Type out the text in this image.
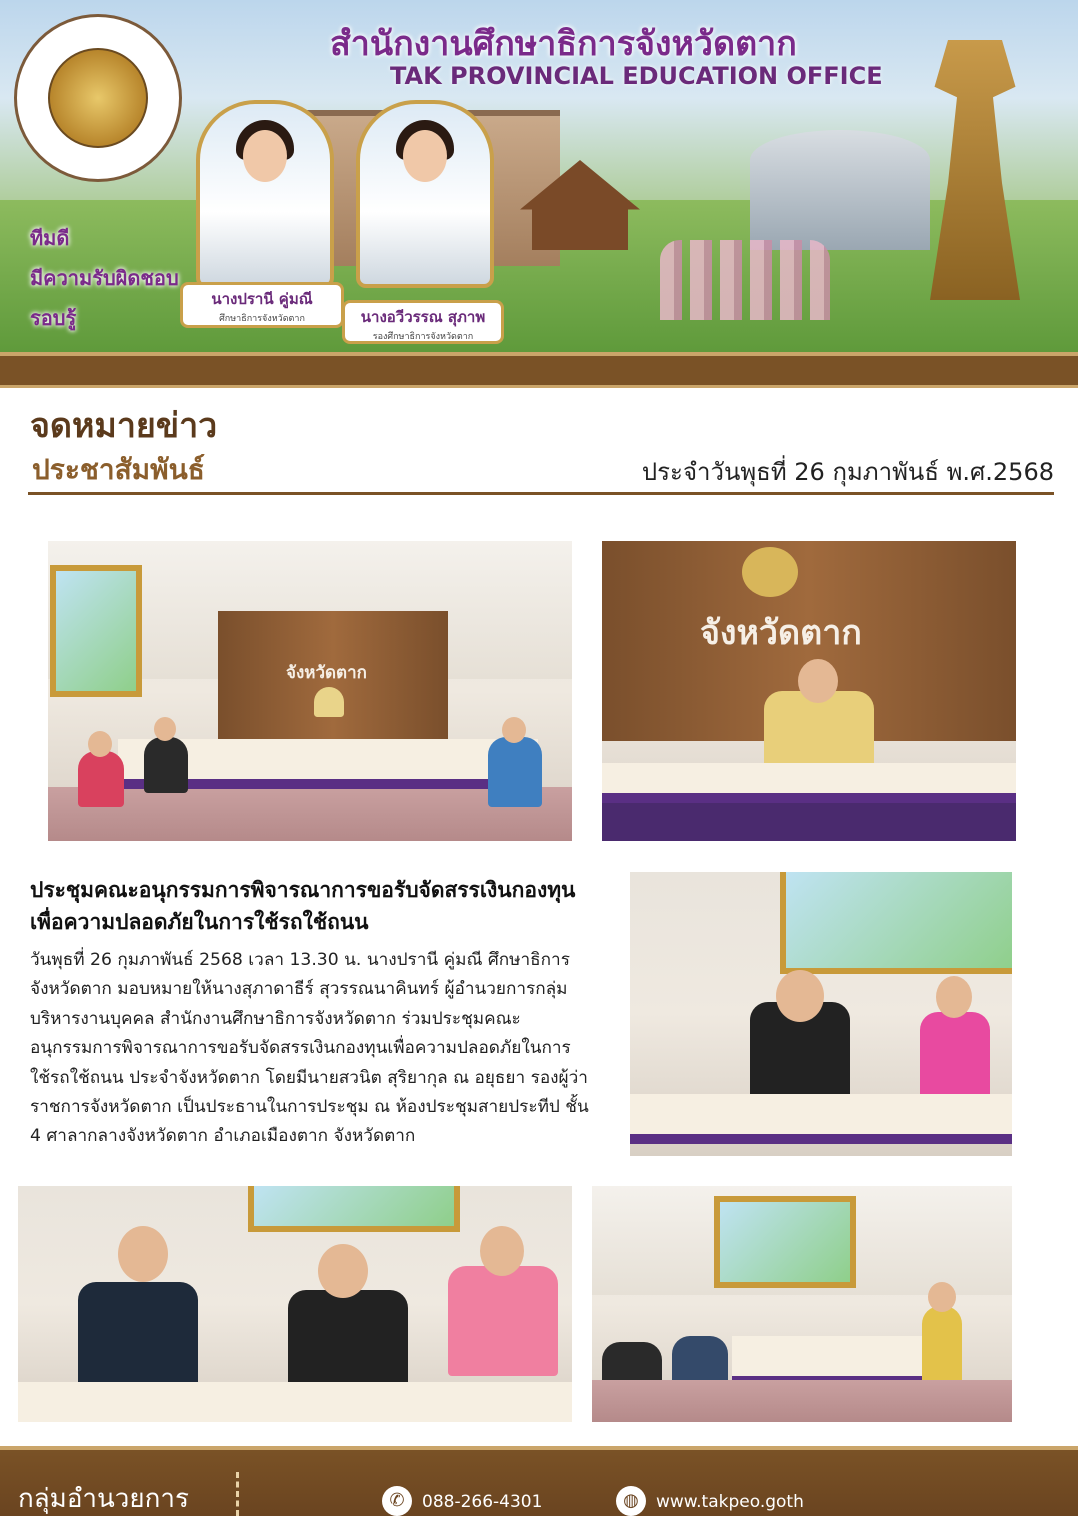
สำนักงานศึกษาธิการจังหวัดตาก
TAK PROVINCIAL EDUCATION OFFICE
ทีมดี
มีความรับผิดชอบ
รอบรู้
นางปรานี คู่มณี
ศึกษาธิการจังหวัดตาก	นางอวีวรรณ สุภาพ
รองศึกษาธิการจังหวัดตาก
จดหมายข่าว
ประชาสัมพันธ์	ประจำวันพุธที่ 26 กุมภาพันธ์ พ.ศ.2568

จังหวัดตาก
จังหวัดตาก
ประชุมคณะอนุกรรมการพิจารณาการขอรับจัดสรรเงินกองทุนเพื่อความปลอดภัยในการใช้รถใช้ถนน

วันพุธที่ 26 กุมภาพันธ์ 2568 เวลา 13.30 น. นางปรานี คู่มณี ศึกษาธิการจังหวัดตาก มอบหมายให้นางสุภาดาธีร์ สุวรรณนาคินทร์ ผู้อำนวยการกลุ่มบริหารงานบุคคล สำนักงานศึกษาธิการจังหวัดตาก ร่วมประชุมคณะอนุกรรมการพิจารณาการขอรับจัดสรรเงินกองทุนเพื่อความปลอดภัยในการใช้รถใช้ถนน ประจำจังหวัดตาก โดยมีนายสวนิต สุริยากุล ณ อยุธยา รองผู้ว่าราชการจังหวัดตาก เป็นประธานในการประชุม ณ ห้องประชุมสายประทีป ชั้น 4 ศาลากลางจังหวัดตาก อำเภอเมืองตาก จังหวัดตาก

กลุ่มอำนวยการ	✆	088-266-4301	◍	www.takpeo.goth
